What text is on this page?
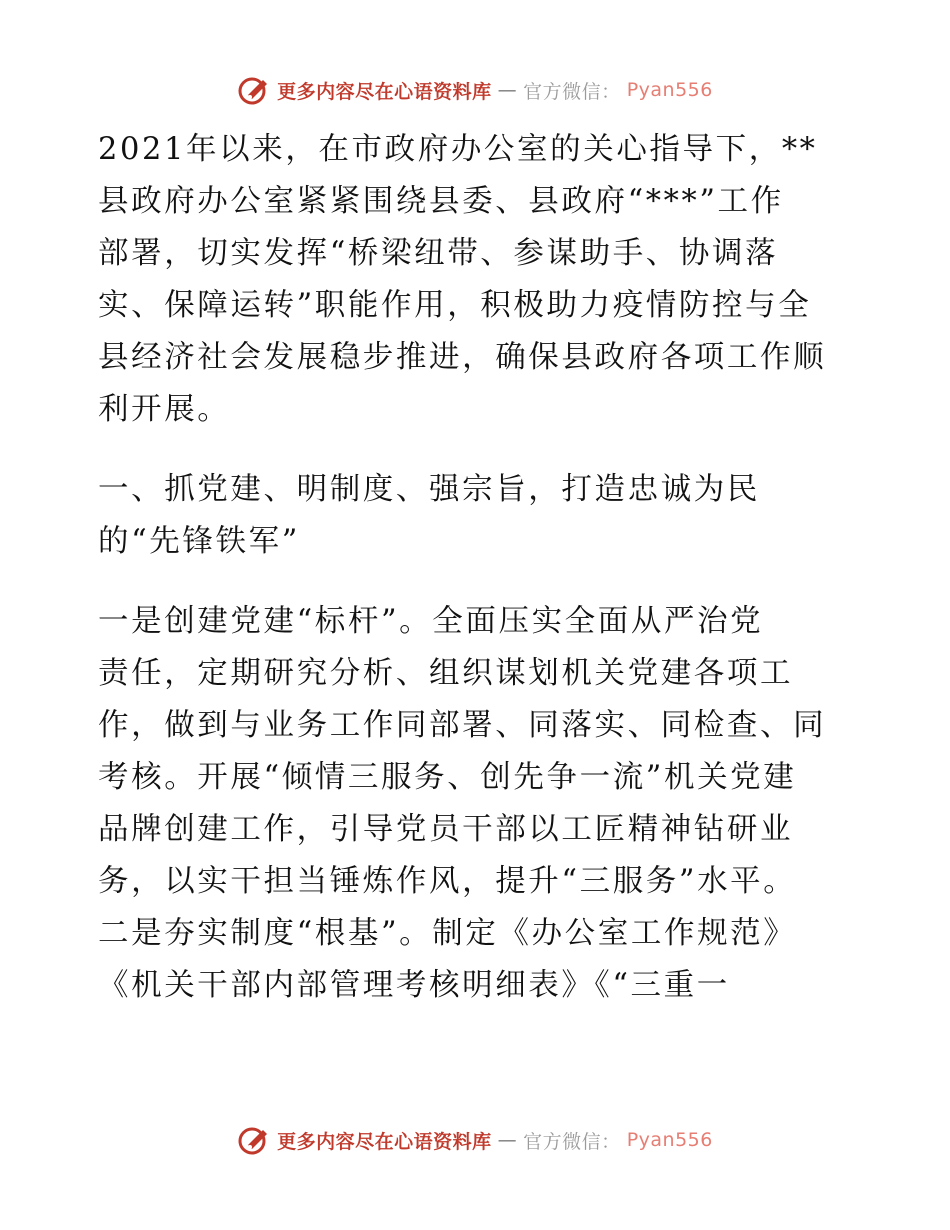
更多内容尽在心语资料库 — 官方微信： Pyan556

2021年以来，在市政府办公室的关心指导下，**
县政府办公室紧紧围绕县委、县政府“***”工作
部署，切实发挥“桥梁纽带、参谋助手、协调落
实、保障运转”职能作用，积极助力疫情防控与全
县经济社会发展稳步推进，确保县政府各项工作顺
利开展。

一、抓党建、明制度、强宗旨，打造忠诚为民
的“先锋铁军”

一是创建党建“标杆”。全面压实全面从严治党
责任，定期研究分析、组织谋划机关党建各项工
作，做到与业务工作同部署、同落实、同检查、同
考核。开展“倾情三服务、创先争一流”机关党建
品牌创建工作，引导党员干部以工匠精神钻研业
务，以实干担当锤炼作风，提升“三服务”水平。
二是夯实制度“根基”。制定《办公室工作规范》
《机关干部内部管理考核明细表》《“三重一

更多内容尽在心语资料库 — 官方微信： Pyan556
